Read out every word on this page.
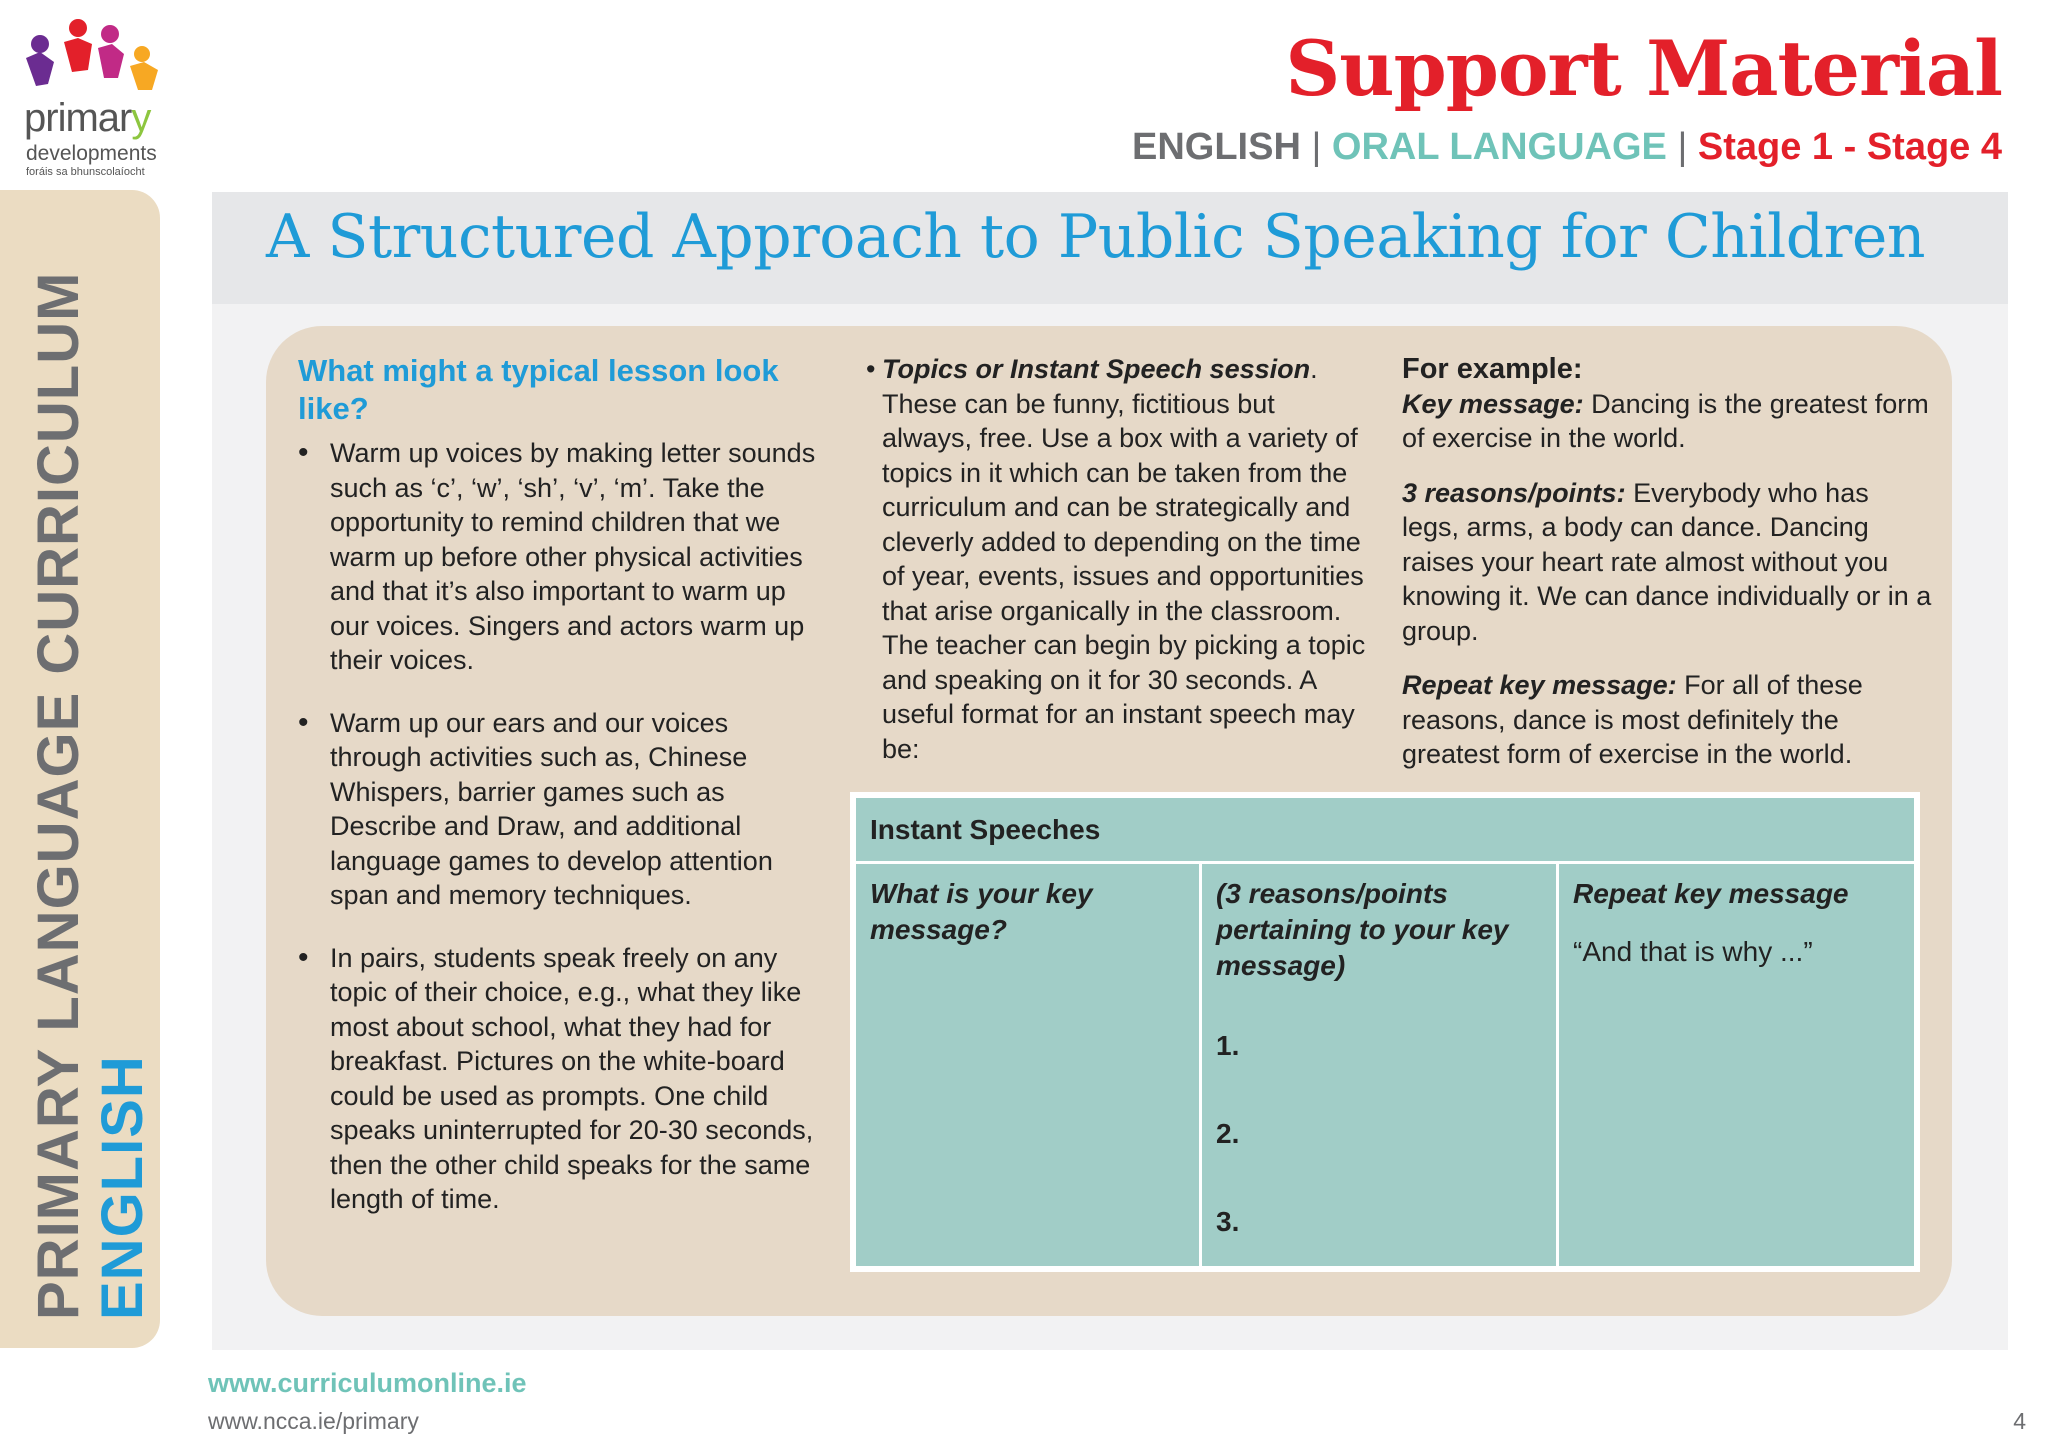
primary
developments
foráis sa bhunscolaíocht
Support Material
ENGLISH | ORAL LANGUAGE | Stage 1 - Stage 4
PRIMARY LANGUAGE CURRICULUM ENGLISH
A Structured Approach to Public Speaking for Children
What might a typical lesson look like?
• Warm up voices by making letter sounds such as ‘c’, ‘w’, ‘sh’, ‘v’, ‘m’. Take the opportunity to remind children that we warm up before other physical activities and that it’s also important to warm up our voices. Singers and actors warm up their voices.
• Warm up our ears and our voices through activities such as, Chinese Whispers, barrier games such as Describe and Draw, and additional language games to develop attention span and memory techniques.
• In pairs, students speak freely on any topic of their choice, e.g., what they like most about school, what they had for breakfast. Pictures on the white-board could be used as prompts. One child speaks uninterrupted for 20-30 seconds, then the other child speaks for the same length of time.
• Topics or Instant Speech session.

These can be funny, fictitious but always, free. Use a box with a variety of topics in it which can be taken from the curriculum and can be strategically and cleverly added to depending on the time of year, events, issues and opportunities that arise organically in the classroom. The teacher can begin by picking a topic and speaking on it for 30 seconds. A useful format for an instant speech may be:

For example:

Key message: Dancing is the greatest form of exercise in the world.

3 reasons/points: Everybody who has legs, arms, a body can dance. Dancing raises your heart rate almost without you knowing it. We can dance individually or in a group.

Repeat key message: For all of these reasons, dance is most definitely the greatest form of exercise in the world.

Instant Speeches
What is your key message?
(3 reasons/points pertaining to your key message)
1.
2.
3.
Repeat key message
“And that is why ...”
www.curriculumonline.ie
www.ncca.ie/primary	4
